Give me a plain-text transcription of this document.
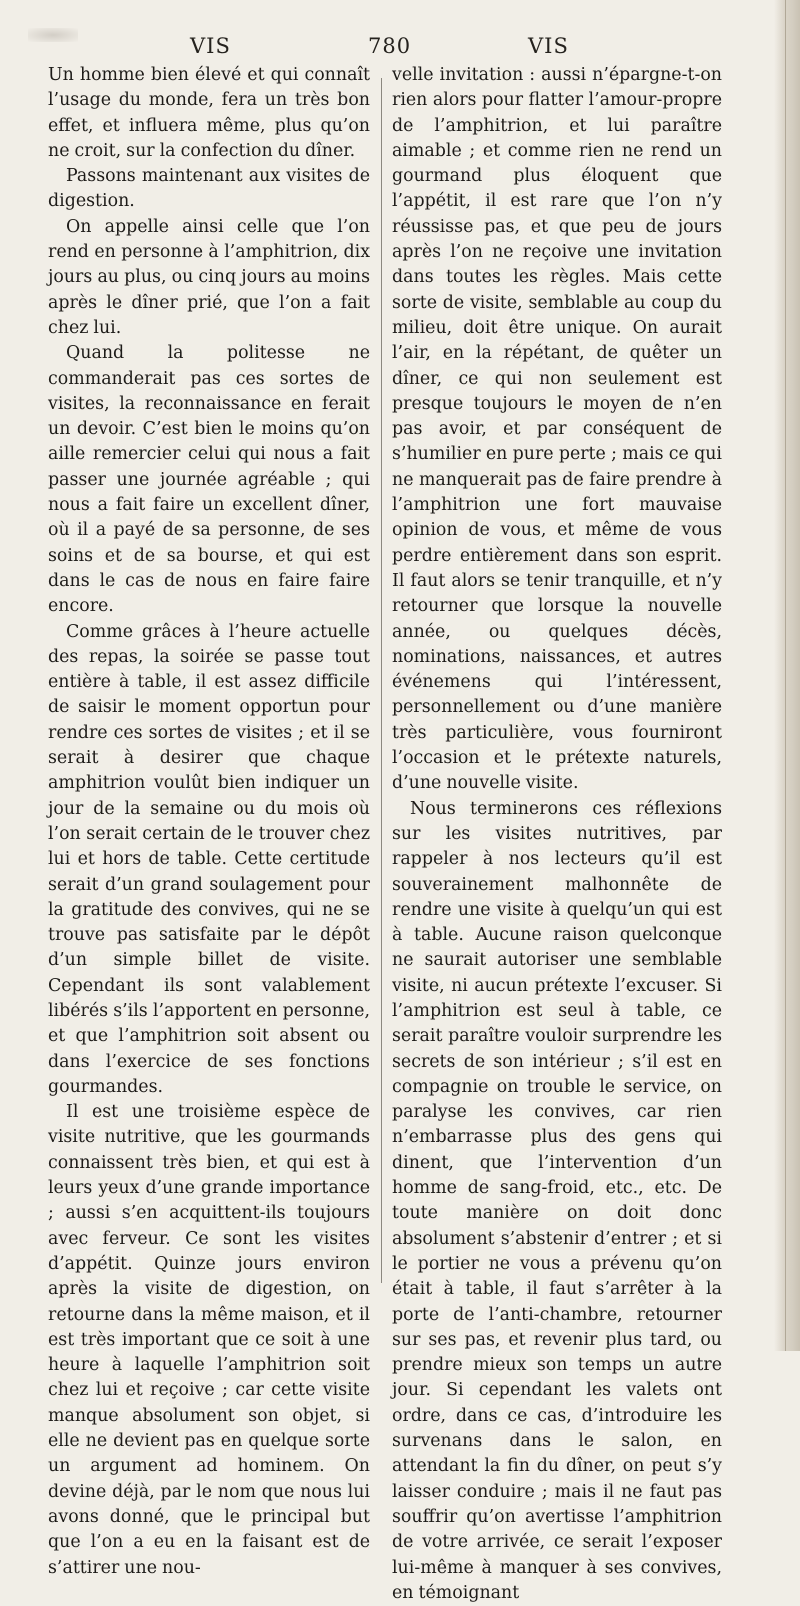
VIS	780	VIS

Un homme bien élevé et qui connaît l’usage du monde, fera un très bon effet, et influera même, plus qu’on ne croit, sur la confection du dîner.

Passons maintenant aux visites de digestion.

On appelle ainsi celle que l’on rend en personne à l’amphitrion, dix jours au plus, ou cinq jours au moins après le dîner prié, que l’on a fait chez lui.

Quand la politesse ne commanderait pas ces sortes de visites, la reconnaissance en ferait un devoir. C’est bien le moins qu’on aille remercier celui qui nous a fait passer une journée agréable ; qui nous a fait faire un excellent dîner, où il a payé de sa personne, de ses soins et de sa bourse, et qui est dans le cas de nous en faire faire encore.

Comme grâces à l’heure actuelle des repas, la soirée se passe tout entière à table, il est assez difficile de saisir le moment opportun pour rendre ces sortes de visites ; et il se serait à desirer que chaque amphitrion voulût bien indiquer un jour de la semaine ou du mois où l’on serait certain de le trouver chez lui et hors de table. Cette certitude serait d’un grand soulagement pour la gratitude des convives, qui ne se trouve pas satisfaite par le dépôt d’un simple billet de visite. Cependant ils sont valablement libérés s’ils l’apportent en personne, et que l’amphitrion soit absent ou dans l’exercice de ses fonctions gourmandes.

Il est une troisième espèce de visite nutritive, que les gourmands connaissent très bien, et qui est à leurs yeux d’une grande importance ; aussi s’en acquittent-ils toujours avec ferveur. Ce sont les visites d’appétit. Quinze jours environ après la visite de digestion, on retourne dans la même maison, et il est très important que ce soit à une heure à laquelle l’amphitrion soit chez lui et reçoive ; car cette visite manque absolument son objet, si elle ne devient pas en quelque sorte un argument ad hominem. On devine déjà, par le nom que nous lui avons donné, que le principal but que l’on a eu en la faisant est de s’attirer une nou-

velle invitation : aussi n’épargne-t-on rien alors pour flatter l’amour-propre de l’amphitrion, et lui paraître aimable ; et comme rien ne rend un gourmand plus éloquent que l’appétit, il est rare que l’on n’y réussisse pas, et que peu de jours après l’on ne reçoive une invitation dans toutes les règles. Mais cette sorte de visite, semblable au coup du milieu, doit être unique. On aurait l’air, en la répétant, de quêter un dîner, ce qui non seulement est presque toujours le moyen de n’en pas avoir, et par conséquent de s’humilier en pure perte ; mais ce qui ne manquerait pas de faire prendre à l’amphitrion une fort mauvaise opinion de vous, et même de vous perdre entièrement dans son esprit. Il faut alors se tenir tranquille, et n’y retourner que lorsque la nouvelle année, ou quelques décès, nominations, naissances, et autres événemens qui l’intéressent, personnellement ou d’une manière très particulière, vous fourniront l’occasion et le prétexte naturels, d’une nouvelle visite.

Nous terminerons ces réflexions sur les visites nutritives, par rappeler à nos lecteurs qu’il est souverainement malhonnête de rendre une visite à quelqu’un qui est à table. Aucune raison quelconque ne saurait autoriser une semblable visite, ni aucun prétexte l’excuser. Si l’amphitrion est seul à table, ce serait paraître vouloir surprendre les secrets de son intérieur ; s’il est en compagnie on trouble le service, on paralyse les convives, car rien n’embarrasse plus des gens qui dinent, que l’intervention d’un homme de sang-froid, etc., etc. De toute manière on doit donc absolument s’abstenir d’entrer ; et si le portier ne vous a prévenu qu’on était à table, il faut s’arrêter à la porte de l’anti-chambre, retourner sur ses pas, et revenir plus tard, ou prendre mieux son temps un autre jour. Si cependant les valets ont ordre, dans ce cas, d’introduire les survenans dans le salon, en attendant la fin du dîner, on peut s’y laisser conduire ; mais il ne faut pas souffrir qu’on avertisse l’amphitrion de votre arrivée, ce serait l’exposer lui-même à manquer à ses convives, en témoignant
